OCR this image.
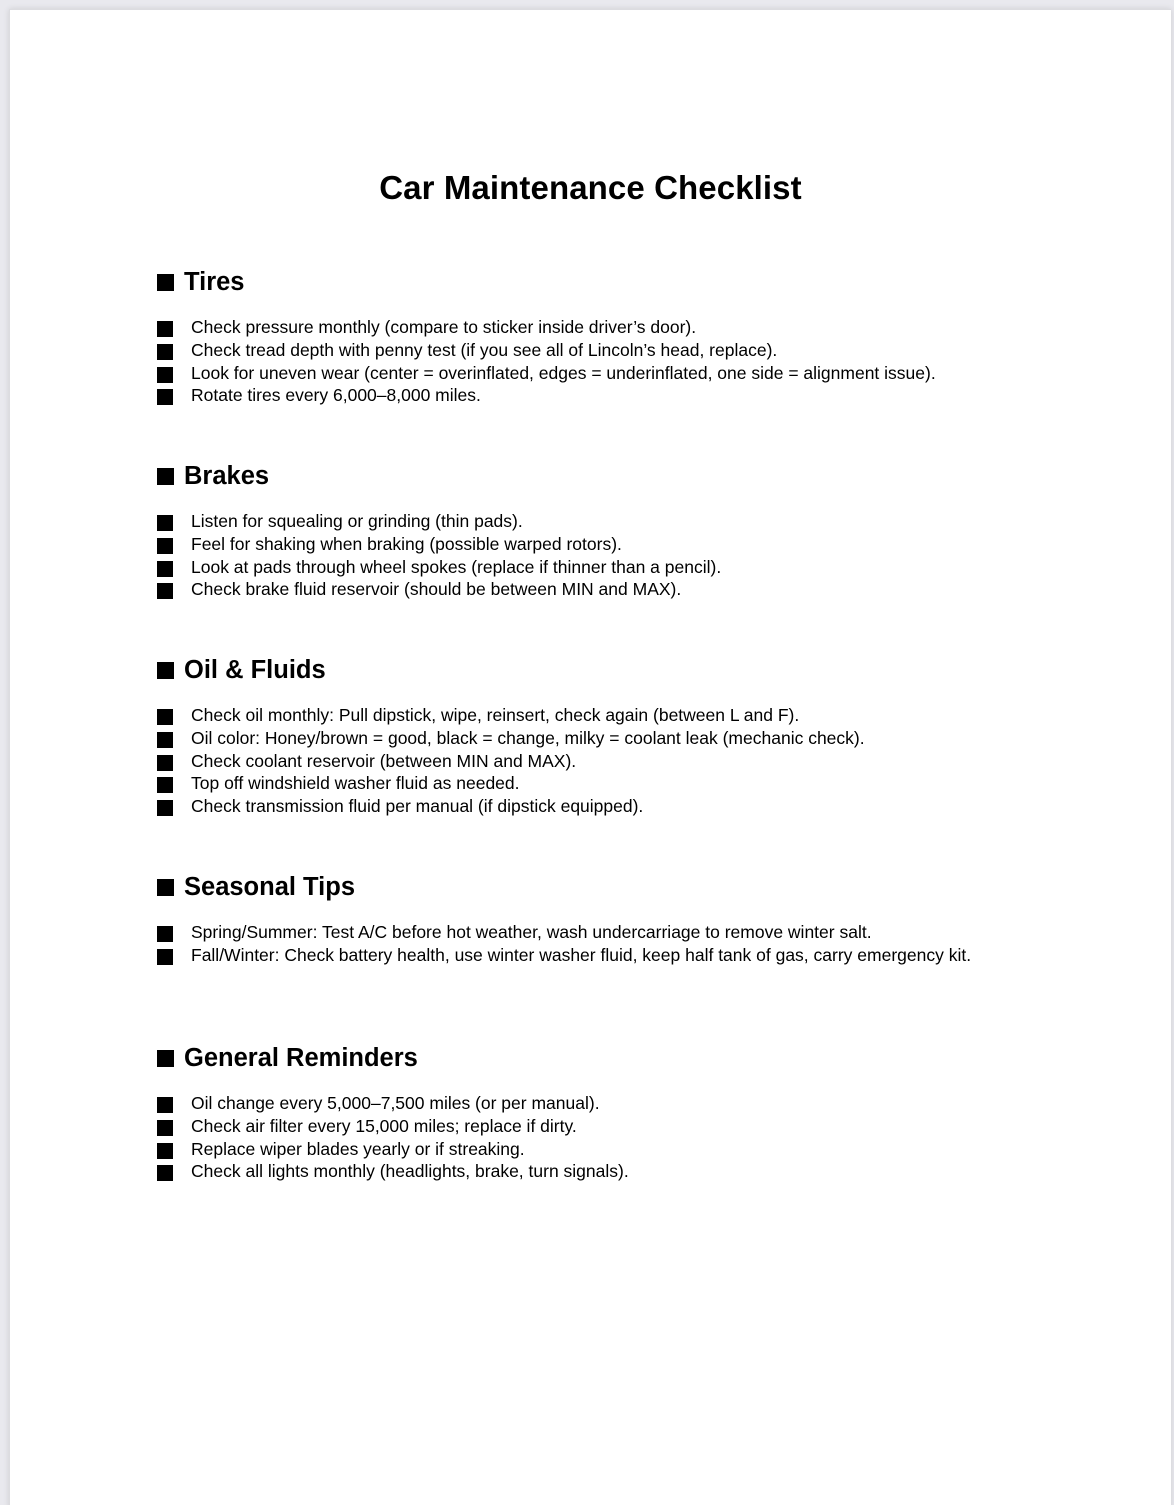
Car Maintenance Checklist
Tires
Check pressure monthly (compare to sticker inside driver’s door).
Check tread depth with penny test (if you see all of Lincoln’s head, replace).
Look for uneven wear (center = overinflated, edges = underinflated, one side = alignment issue).
Rotate tires every 6,000–8,000 miles.
Brakes
Listen for squealing or grinding (thin pads).
Feel for shaking when braking (possible warped rotors).
Look at pads through wheel spokes (replace if thinner than a pencil).
Check brake fluid reservoir (should be between MIN and MAX).
Oil & Fluids
Check oil monthly: Pull dipstick, wipe, reinsert, check again (between L and F).
Oil color: Honey/brown = good, black = change, milky = coolant leak (mechanic check).
Check coolant reservoir (between MIN and MAX).
Top off windshield washer fluid as needed.
Check transmission fluid per manual (if dipstick equipped).
Seasonal Tips
Spring/Summer: Test A/C before hot weather, wash undercarriage to remove winter salt.
Fall/Winter: Check battery health, use winter washer fluid, keep half tank of gas, carry emergency kit.
General Reminders
Oil change every 5,000–7,500 miles (or per manual).
Check air filter every 15,000 miles; replace if dirty.
Replace wiper blades yearly or if streaking.
Check all lights monthly (headlights, brake, turn signals).
